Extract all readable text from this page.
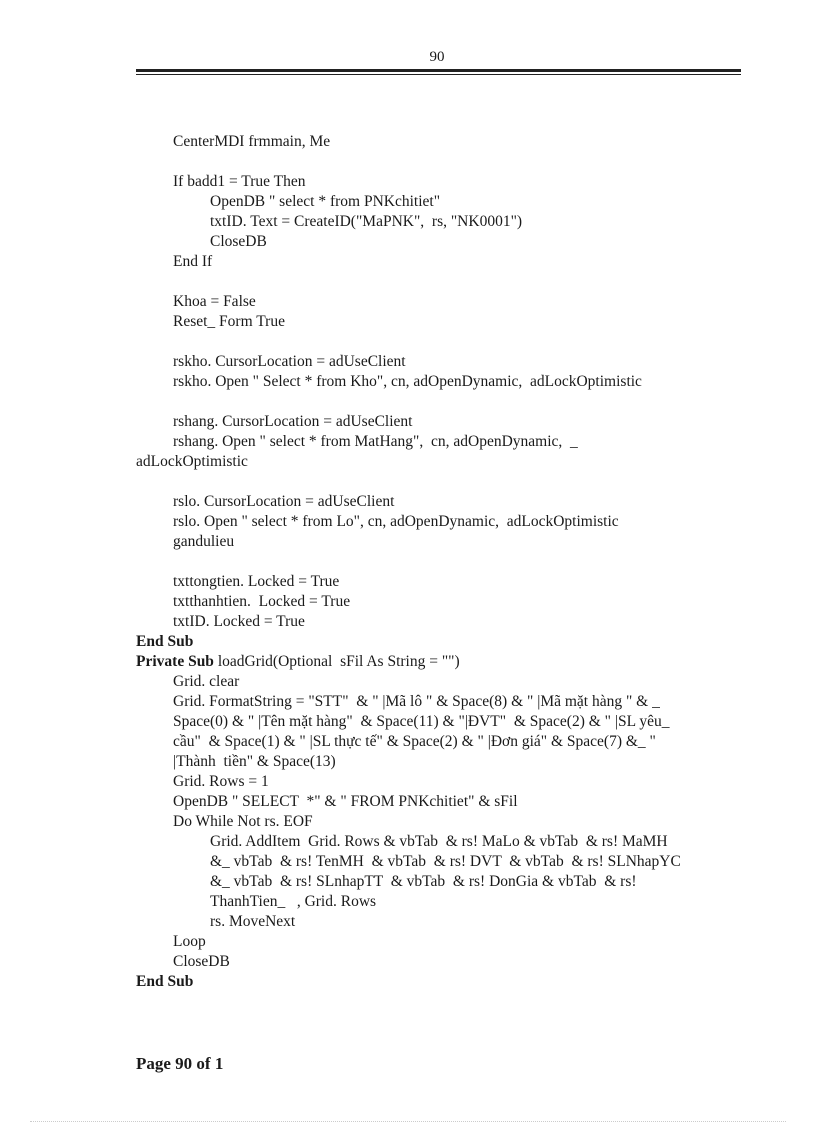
90
CenterMDI frmmain, Me
If badd1 = True Then
OpenDB " select * from PNKchitiet"
txtID. Text = CreateID("MaPNK",  rs, "NK0001")
CloseDB
End If
Khoa = False
Reset_ Form True
rskho. CursorLocation = adUseClient
rskho. Open " Select * from Kho", cn, adOpenDynamic,  adLockOptimistic
rshang. CursorLocation = adUseClient
rshang. Open " select * from MatHang",  cn, adOpenDynamic,  _
adLockOptimistic
rslo. CursorLocation = adUseClient
rslo. Open " select * from Lo", cn, adOpenDynamic,  adLockOptimistic
gandulieu
txttongtien. Locked = True
txtthanhtien.  Locked = True
txtID. Locked = True
End Sub
Private Sub loadGrid(Optional  sFil As String = "")
Grid. clear
Grid. FormatString = "STT"  & " |Mã lô " & Space(8) & " |Mã mặt hàng " & _
Space(0) & " |Tên mặt hàng"  & Space(11) & "|ĐVT"  & Space(2) & " |SL yêu_
cầu"  & Space(1) & " |SL thực tế" & Space(2) & " |Đơn giá" & Space(7) &_ "
|Thành  tiền" & Space(13)
Grid. Rows = 1
OpenDB " SELECT  *" & " FROM PNKchitiet" & sFil
Do While Not rs. EOF
Grid. AddItem  Grid. Rows & vbTab  & rs! MaLo & vbTab  & rs! MaMH
&_ vbTab  & rs! TenMH  & vbTab  & rs! DVT  & vbTab  & rs! SLNhapYC
&_ vbTab  & rs! SLnhapTT  & vbTab  & rs! DonGia & vbTab  & rs!
ThanhTien_   , Grid. Rows
rs. MoveNext
Loop
CloseDB
End Sub
Page 90 of 1
